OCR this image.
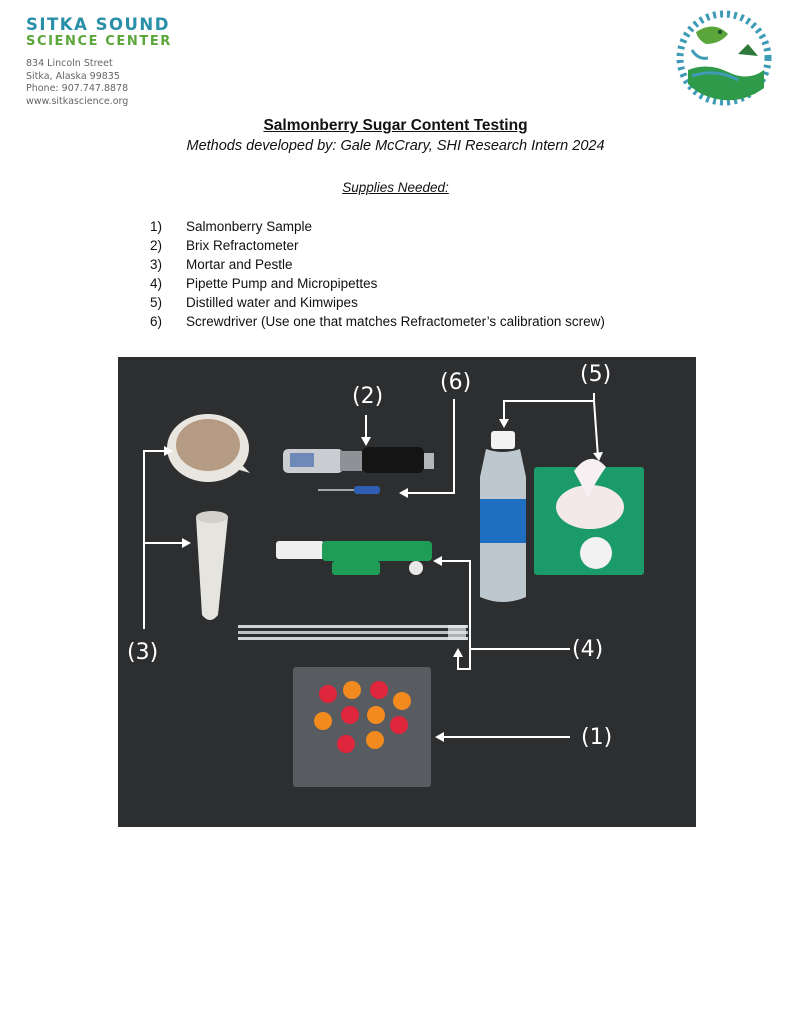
SITKA SOUND
SCIENCE CENTER
834 Lincoln Street
Sitka, Alaska 99835
Phone: 907.747.8878
www.sitkascience.org
Salmonberry Sugar Content Testing
Methods developed by: Gale McCrary, SHI Research Intern 2024
Supplies Needed:
1) Salmonberry Sample
2) Brix Refractometer
3) Mortar and Pestle
4) Pipette Pump and Micropipettes
5) Distilled water and Kimwipes
6) Screwdriver (Use one that matches Refractometer’s calibration screw)
(2)
(6)	(5)
(3)	(4)
(1)
